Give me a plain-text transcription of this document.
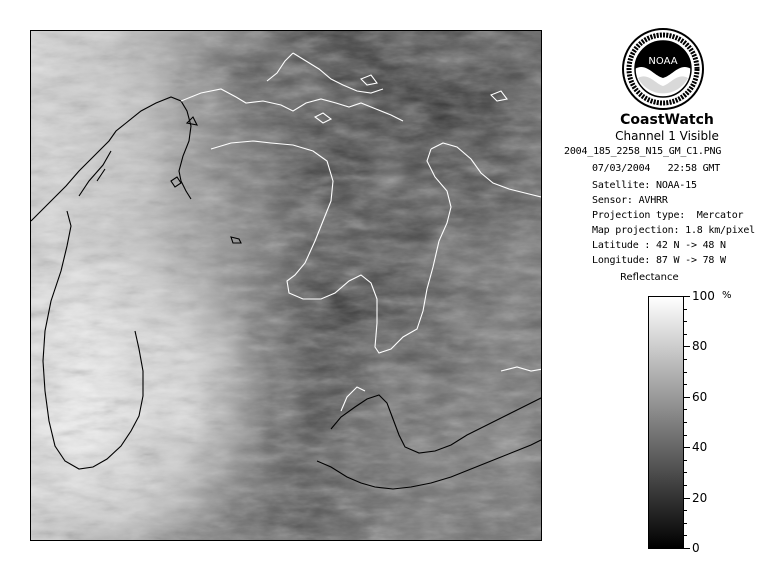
NOAA
CoastWatch
Channel 1 Visible
2004_185_2258_N15_GM_C1.PNG
07/03/2004   22:58 GMT
Satellite: NOAA-15
Sensor: AVHRR
Projection type:  Mercator
Map projection: 1.8 km/pixel
Latitude : 42 N -> 48 N
Longitude: 87 W -> 78 W
Reflectance
%
100
80
60
40
20
0
